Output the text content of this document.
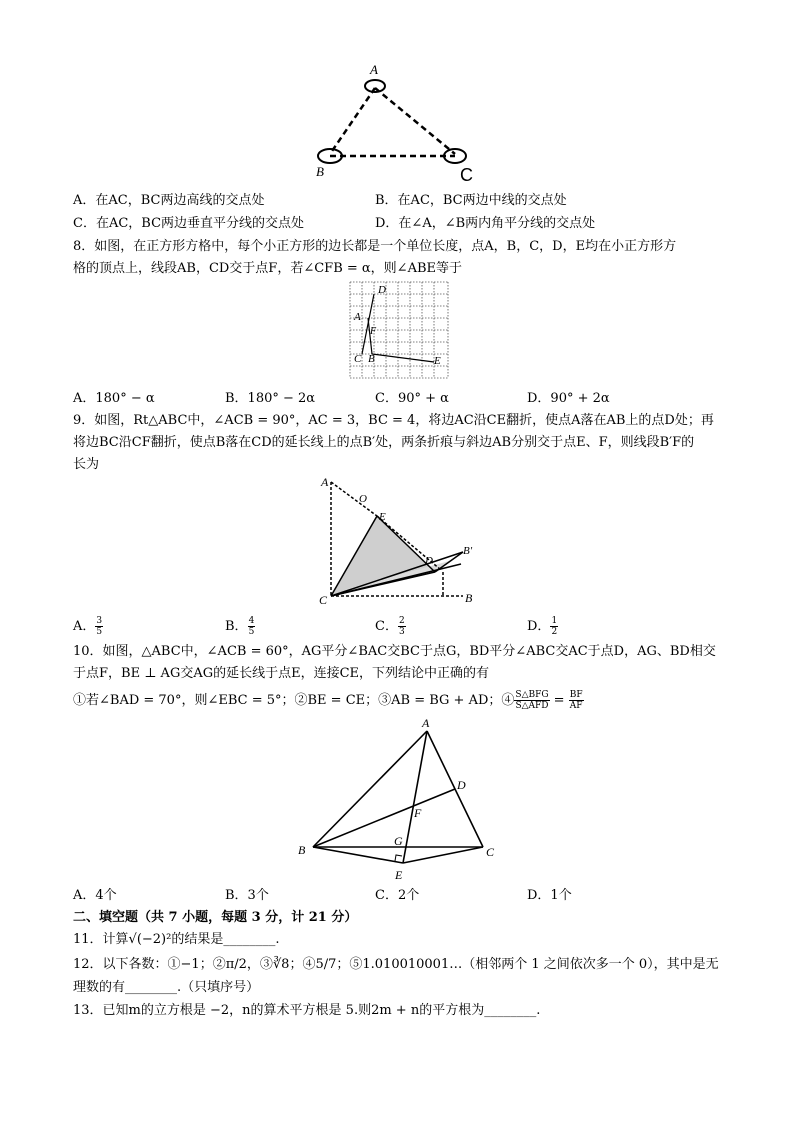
A
B	C
A．在AC，BC两边高线的交点处	B．在AC，BC两边中线的交点处
C．在AC，BC两边垂直平分线的交点处	D．在∠A，∠B两内角平分线的交点处
8．如图，在正方形方格中，每个小正方形的边长都是一个单位长度，点A，B，C，D，E均在小正方形方
格的顶点上，线段AB，CD交于点F，若∠CFB = α，则∠ABE等于
D
A
F
C B	E
A．180° − α	B．180° − 2α	C．90° + α	D．90° + 2α
9．如图，Rt△ABC中，∠ACB = 90°，AC = 3，BC = 4，将边AC沿CE翻折，使点A落在AB上的点D处；再
将边BC沿CF翻折，使点B落在CD的延长线上的点B′处，两条折痕与斜边AB分别交于点E、F，则线段B′F的
长为
A
O
E
D
B′
C	B
A． $\frac{3}{5}$	B． $\frac{4}{5}$	C． $\frac{2}{3}$	D． $\frac{1}{2}$
10．如图，△ABC中，∠ACB = 60°，AG平分∠BAC交BC于点G，BD平分∠ABC交AC于点D，AG、BD相交
于点F，BE ⊥ AG交AG的延长线于点E，连接CE，下列结论中正确的有
①若∠BAD = 70°，则∠EBC = 5°；②BE = CE；③AB = BG + AD；④ $\frac{\text{S△BFG}}{\text{S△AFD}} = \frac{BF}{AF}$
A
D
F
G
B	C
E
A．4个	B．3个	C．2个	D．1个
二、填空题（共 7 小题，每题 3 分，计 21 分）
11．计算√(−2)²的结果是________.
12．以下各数：①−1；②π/2，③∛8；④5/7；⑤1.010010001…（相邻两个 1 之间依次多一个 0），其中是无
理数的有________.（只填序号）
13．已知m的立方根是 −2，n的算术平方根是 5.则2m + n的平方根为________.
